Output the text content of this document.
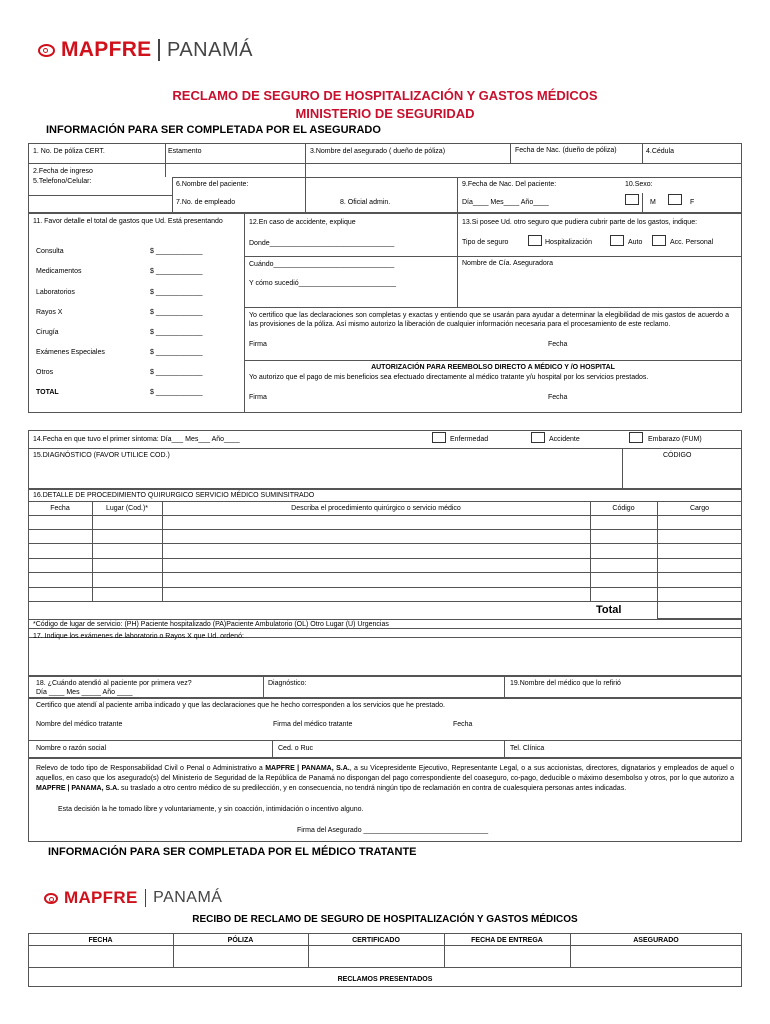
MAPFRE PANAMÁ
RECLAMO DE SEGURO DE HOSPITALIZACIÓN Y GASTOS MÉDICOS
MINISTERIO DE SEGURIDAD
INFORMACIÓN PARA SER COMPLETADA POR EL ASEGURADO
1. No. De póliza CERT.	Estamento	3.Nombre del asegurado ( dueño de póliza)	Fecha de Nac. (dueño de póliza)	4.Cédula
2.Fecha de ingreso
5.Telefono/Celular:	6.Nombre del paciente:	9.Fecha de Nac. Del paciente:	10.Sexo:
7.No. de empleado	8. Oficial admin.	Día____ Mes____ Año____	M	F
11. Favor detalle el total de gastos que Ud. Está presentando
Consulta	$ ____________
Medicamentos	$ ____________
Laboratorios	$ ____________
Rayos X	$ ____________
Cirugía	$ ____________
Exámenes Especiales	$ ____________
Otros	$ ____________
TOTAL	$ ____________
12.En caso de accidente, explique
Donde________________________________
Cuándo_______________________________
Y cómo sucedió_________________________
13.Si posee Ud. otro seguro que pudiera cubrir parte de los gastos, indique:
Tipo de seguro	Hospitalización	Auto	Acc. Personal
Nombre de Cía. Aseguradora
Yo certifico que las declaraciones son completas y exactas y entiendo que se usarán para ayudar a determinar la elegibilidad de mis gastos de acuerdo a las provisiones de la póliza. Así mismo autorizo la liberación de cualquier información necesaria para el procesamiento de este reclamo.
Firma	Fecha
AUTORIZACIÓN PARA REEMBOLSO DIRECTO A MÉDICO Y /O HOSPITAL
Yo autorizo que el pago de mis beneficios sea efectuado directamente al médico tratante y/u hospital por los servicios prestados.
Firma	Fecha
14.Fecha en que tuvo el primer síntoma: Día___ Mes___ Año____	Enfermedad	Accidente	Embarazo (FUM)
15.DIAGNÓSTICO (FAVOR UTILICE COD.)	CÓDIGO
16.DETALLE DE PROCEDIMIENTO QUIRURGICO SERVICIO MÉDICO SUMINSITRADO
Fecha	Lugar (Cod.)*	Describa el procedimiento quirúrgico o servicio médico	Código	Cargo
Total
*Código de lugar de servicio: (PH) Paciente hospitalizado (PA)Paciente Ambulatorio (OL) Otro Lugar (U) Urgencias
17. Indique los exámenes de laboratorio o Rayos X que Ud. ordenó:
18. ¿Cuándo atendió al paciente por primera vez?
Día ____ Mes _____ Año ____
Diagnóstico:	19.Nombre del médico que lo refirió
Certifico que atendí al paciente arriba indicado y que las declaraciones que he hecho corresponden a los servicios que he prestado.
Nombre del médico tratante	Firma del médico tratante	Fecha
Nombre o razón social	Ced. o Ruc	Tel. Clínica
Relevo de todo tipo de Responsabilidad Civil o Penal o Administrativo a MAPFRE | PANAMA, S.A., a su Vicepresidente Ejecutivo, Representante Legal, o a sus accionistas, directores, dignatarios y empleados de aquel o aquellos, en caso que los asegurado(s) del Ministerio de Seguridad de la República de Panamá no dispongan del pago correspondiente del coaseguro, co-pago, deducible o máximo desembolso y otros, por lo que autorizo a MAPFRE | PANAMA, S.A. su traslado a otro centro médico de su predilección, y en consecuencia, no tendrá ningún tipo de reclamación en contra de cualesquiera personas antes indicadas.
Esta decisión la he tomado libre y voluntariamente, y sin coacción, intimidación o incentivo alguno.
Firma del Asegurado ________________________________
INFORMACIÓN PARA SER COMPLETADA POR EL MÉDICO TRATANTE
MAPFRE PANAMÁ
RECIBO DE RECLAMO DE SEGURO DE HOSPITALIZACIÓN Y GASTOS MÉDICOS
FECHA	PÓLIZA	CERTIFICADO	FECHA DE ENTREGA	ASEGURADO
RECLAMOS PRESENTADOS
